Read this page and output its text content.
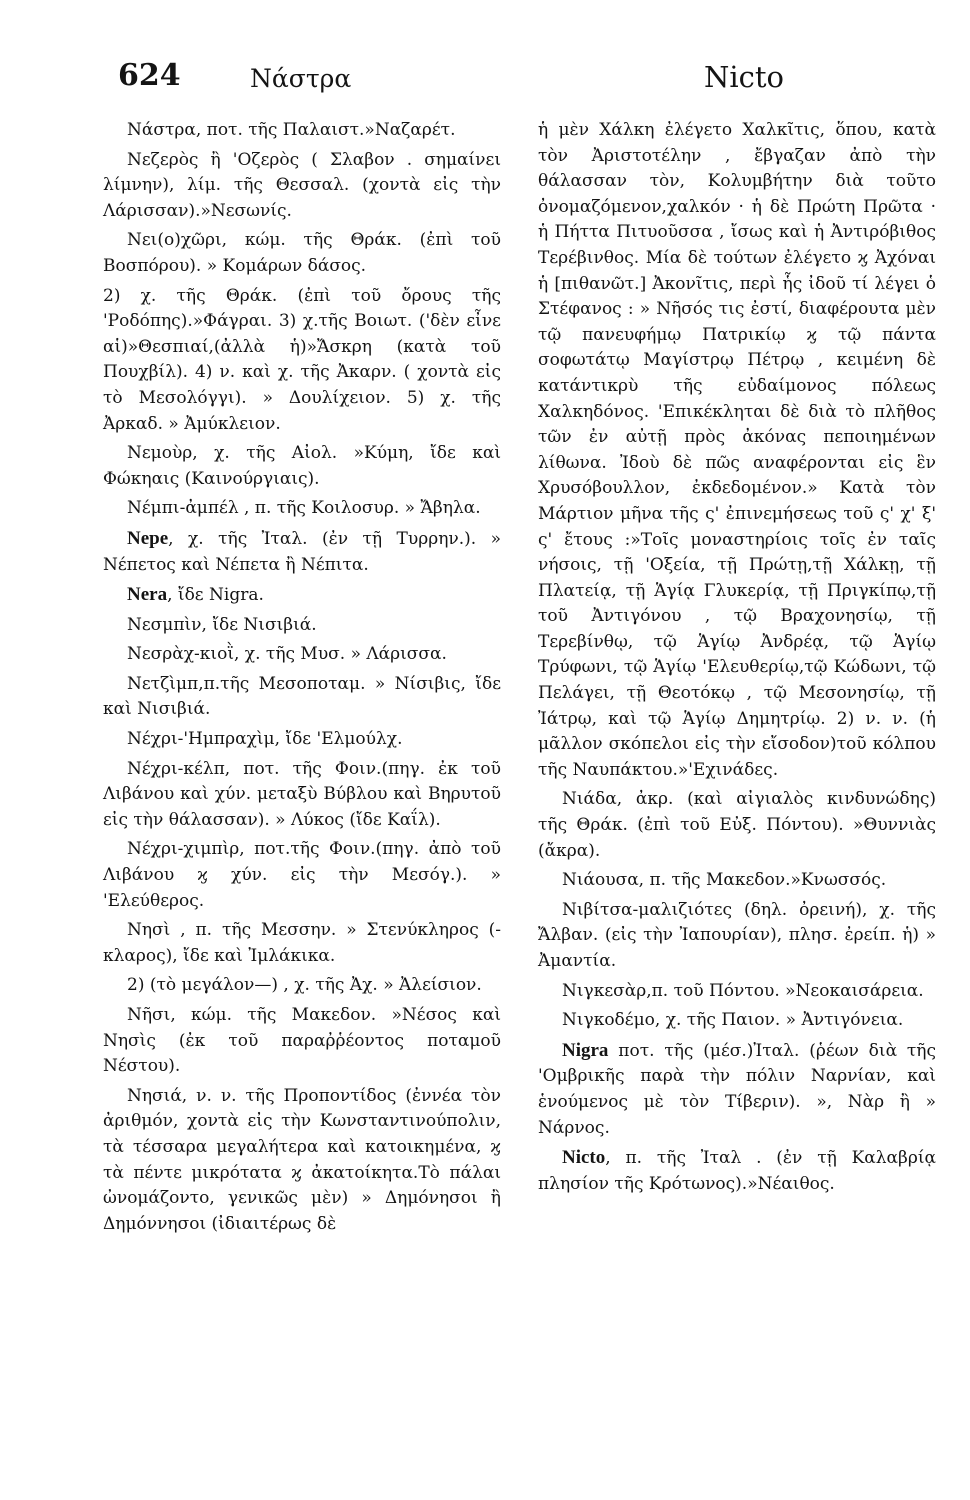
624	Νάστρα	Nicto

Νάστρα, ποτ. τῆς Παλαιστ.»Ναζαρέτ.

Νεζερὸς ἢ 'Οζερὸς ( Σλαβον . σημαίνει λίμνην), λίμ. τῆς Θεσσαλ. (χοντὰ εἰς τὴν Λάρισσαν).»Νεσωνίς.

Νει(ο)χῶρι, κώμ. τῆς Θράκ. (ἐπὶ τοῦ Βοσπόρου). » Κομάρων δάσος.

2) χ. τῆς Θράκ. (ἐπὶ τοῦ ὄρους τῆς 'Ροδόπης).»Φάγραι. 3) χ.τῆς Βοιωτ. ('δὲν εἶνε αἱ)»Θεσπιαί,(ἀλλὰ ἡ)»Ἄσκρη (κατὰ τοῦ Πουχβίλ). 4) ν. καὶ χ. τῆς Ἀκαρν. ( χοντὰ εἰς τὸ Μεσολόγγι). » Δουλίχειον. 5) χ. τῆς Ἀρκαδ. » Ἀμύκλειον.

Νεμοὺρ, χ. τῆς Αἰολ. »Κύμη, ἴδε καὶ Φώκηαις (Καινούργιαις).

Νέμπι-ἀμπέλ , π. τῆς Κοιλοσυρ. » Ἄβηλα.

Nepe, χ. τῆς Ἰταλ. (ἐν τῇ Τυρρην.). » Νέπετος καὶ Νέπετα ἢ Νέπιτα.

Nera, ἴδε Nigra.

Νεσμπὶν, ἴδε Νισιβιά.

Νεσρὰχ-κιοῒ, χ. τῆς Μυσ. » Λάρισσα.

Νετζὶμπ,π.τῆς Μεσοποταμ. » Νίσιβις, ἴδε καὶ Νισιβιά.

Νέχρι-'Ημπραχὶμ, ἴδε 'Ελμούλχ.

Νέχρι-κέλπ, ποτ. τῆς Φοιν.(πηγ. ἐκ τοῦ Λιβάνου καὶ χύν. μεταξὺ Βύβλου καὶ Βηρυτοῦ εἰς τὴν θάλασσαν). » Λύκος (ἴδε Καΐλ).

Νέχρι-χιμπὶρ, ποτ.τῆς Φοιν.(πηγ. ἀπὸ τοῦ Λιβάνου ϗ χύν. εἰς τὴν Μεσόγ.). » 'Ελεύθερος.

Νησὶ , π. τῆς Μεσσην. » Στενύκληρος (-κλαρος), ἴδε καὶ Ἰμλάκικα.

2) (τὸ μεγάλον—) , χ. τῆς Ἀχ. » Ἀλείσιον.

Νῆσι, κώμ. τῆς Μακεδον. »Νέσος καὶ Νησὶς (ἐκ τοῦ παραῤῥέοντος ποταμοῦ Νέστου).

Νησιά, ν. ν. τῆς Προποντίδος (ἐννέα τὸν ἀριθμόν, χοντὰ εἰς τὴν Κωνσταντινούπολιν, τὰ τέσσαρα μεγαλήτερα καὶ κατοικημένα, ϗ τὰ πέντε μικρότατα ϗ ἀκατοίκητα.Τὸ πάλαι ὠνομάζοντο, γενικῶς μὲν) » Δημόνησοι ἢ Δημόννησοι (ἰδιαιτέρως δὲ

ἡ μὲν Χάλκη ἐλέγετο Χαλκῖτις, ὅπου, κατὰ τὸν Ἀριστοτέλην , ἔβγαζαν ἀπὸ τὴν θάλασσαν τὸν, Κολυμβήτην διὰ τοῦτο ὀνομαζόμενον,χαλκόν · ἡ δὲ Πρώτη Πρῶτα · ἡ Πήττα Πιτυοῦσσα , ἴσως καὶ ἡ Ἀντιρόβιθος Τερέβινθος. Μία δὲ τούτων ἐλέγετο ϗ Ἀχόναι ἡ [πιθανῶτ.] Ἀκονῖτις, περὶ ἧς ἰδοῦ τί λέγει ὁ Στέφανος : » Νῆσός τις ἐστί, διαφέρουτα μὲν τῷ πανευφήμῳ Πατρικίῳ ϗ τῷ πάντα σοφωτάτῳ Μαγίστρῳ Πέτρῳ , κειμένη δὲ κατάντικρὺ τῆς εὐδαίμονος πόλεως Χαλκηδόνος. 'Επικέκληται δὲ διὰ τὸ πλῆθος τῶν ἐν αὐτῇ πρὸς ἀκόνας πεποιημένων λίθωνα. Ἰδοὺ δὲ πῶς αναφέρονται εἰς ἓν Χρυσόβουλλον, ἐκδεδομένον.» Κατὰ τὸν Μάρτιον μῆνα τῆς ς' ἐπινεμήσεως τοῦ ς' χ' ξ' ς' ἔτους :»Τοῖς μοναστηρίοις τοῖς ἐν ταῖς νήσοις, τῇ 'Οξεία, τῇ Πρώτῃ,τῇ Χάλκῃ, τῇ Πλατείᾳ, τῇ Ἁγίᾳ Γλυκερίᾳ, τῇ Πριγκίπῳ,τῇ τοῦ Ἀντιγόνου , τῷ Βραχονησίῳ, τῇ Τερεβίνθῳ, τῷ Ἁγίῳ Ἀνδρέᾳ, τῷ Ἁγίῳ Τρύφωνι, τῷ Ἁγίῳ 'Ελευθερίῳ,τῷ Κώδωνι, τῷ Πελάγει, τῇ Θεοτόκῳ , τῷ Μεσονησίῳ, τῇ Ἰάτρῳ, καὶ τῷ Ἁγίῳ Δημητρίῳ. 2) ν. ν. (ἡ μᾶλλον σκόπελοι εἰς τὴν εἴσοδον)τοῦ κόλπου τῆς Ναυπάκτου.»'Εχινάδες.

Νιάδα, ἀκρ. (καὶ αἰγιαλὸς κινδυνώδης) τῆς Θράκ. (ἐπὶ τοῦ Εὐξ. Πόντου). »Θυννιὰς (ἄκρα).

Νιάουσα, π. τῆς Μακεδον.»Κνωσσός.

Νιβίτσα-μαλιζιότες (δηλ. ὀρεινή), χ. τῆς Ἄλβαν. (εἰς τὴν Ἰαπουρίαν), πλησ. ἐρείπ. ἡ) » Ἀμαντία.

Νιγκεσὰρ,π. τοῦ Πόντου. »Νεοκαισάρεια.

Νιγκοδέμο, χ. τῆς Παιον. » Ἀντιγόνεια.

Nigra ποτ. τῆς (μέσ.)Ἰταλ. (ῥέων διὰ τῆς 'Ομβρικῆς παρὰ τὴν πόλιν Ναρνίαν, καὶ ἑνούμενος μὲ τὸν Τίβεριν). », Νὰρ ἢ » Νάρνος.

Nicto, π. τῆς Ἰταλ . (ἐν τῇ Καλαβρίᾳ πλησίον τῆς Κρότωνος).»Νέαιθος.
